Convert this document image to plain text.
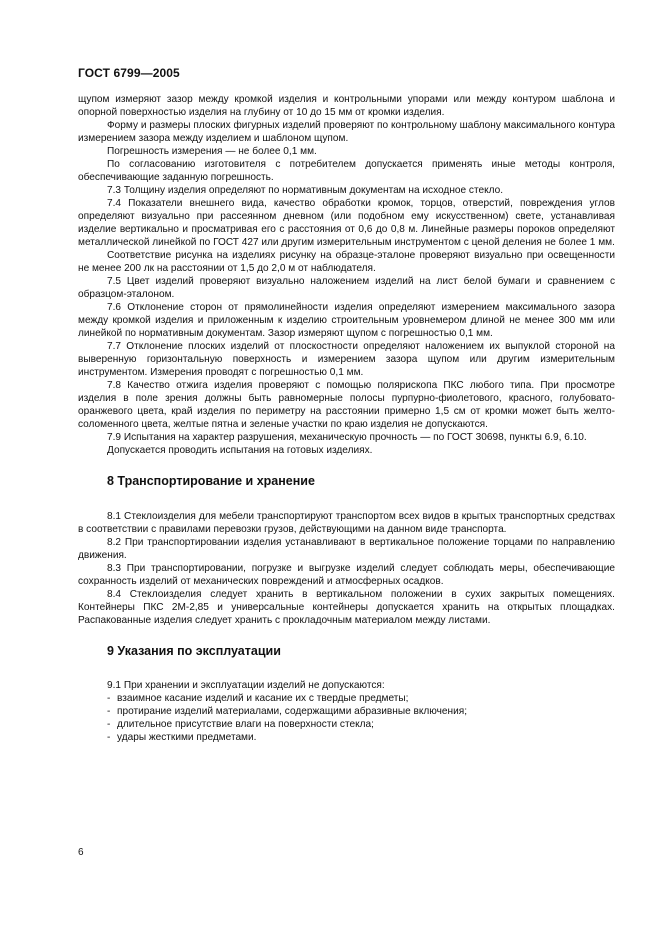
ГОСТ 6799—2005

щупом измеряют зазор между кромкой изделия и контрольными упорами или между контуром шаблона и опорной поверхностью изделия на глубину от 10 до 15 мм от кромки изделия.

Форму и размеры плоских фигурных изделий проверяют по контрольному шаблону максимального контура измерением зазора между изделием и шаблоном щупом.

Погрешность измерения — не более 0,1 мм.

По согласованию изготовителя с потребителем допускается применять иные методы контроля, обеспечивающие заданную погрешность.

7.3 Толщину изделия определяют по нормативным документам на исходное стекло.

7.4 Показатели внешнего вида, качество обработки кромок, торцов, отверстий, повреждения углов определяют визуально при рассеянном дневном (или подобном ему искусственном) свете, устанавливая изделие вертикально и просматривая его с расстояния от 0,6 до 0,8 м. Линейные размеры пороков определяют металлической линейкой по ГОСТ 427 или другим измерительным инструментом с ценой деления не более 1 мм.

Соответствие рисунка на изделиях рисунку на образце-эталоне проверяют визуально при освещенности не менее 200 лк на расстоянии от 1,5 до 2,0 м от наблюдателя.

7.5 Цвет изделий проверяют визуально наложением изделий на лист белой бумаги и сравнением с образцом-эталоном.

7.6 Отклонение сторон от прямолинейности изделия определяют измерением максимального зазора между кромкой изделия и приложенным к изделию строительным уровнемером длиной не менее 300 мм или линейкой по нормативным документам. Зазор измеряют щупом с погрешностью 0,1 мм.

7.7 Отклонение плоских изделий от плоскостности определяют наложением их выпуклой стороной на выверенную горизонтальную поверхность и измерением зазора щупом или другим измерительным инструментом. Измерения проводят с погрешностью 0,1 мм.

7.8 Качество отжига изделия проверяют с помощью полярископа ПКС любого типа. При просмотре изделия в поле зрения должны быть равномерные полосы пурпурно-фиолетового, красного, голубовато-оранжевого цвета, край изделия по периметру на расстоянии примерно 1,5 см от кромки может быть желто-соломенного цвета, желтые пятна и зеленые участки по краю изделия не допускаются.

7.9 Испытания на характер разрушения, механическую прочность — по ГОСТ 30698, пункты 6.9, 6.10.

Допускается проводить испытания на готовых изделиях.

8 Транспортирование и хранение

8.1 Стеклоизделия для мебели транспортируют транспортом всех видов в крытых транспортных средствах в соответствии с правилами перевозки грузов, действующими на данном виде транспорта.

8.2 При транспортировании изделия устанавливают в вертикальное положение торцами по направлению движения.

8.3 При транспортировании, погрузке и выгрузке изделий следует соблюдать меры, обеспечивающие сохранность изделий от механических повреждений и атмосферных осадков.

8.4 Стеклоизделия следует хранить в вертикальном положении в сухих закрытых помещениях. Контейнеры ПКС 2М-2,85 и универсальные контейнеры допускается хранить на открытых площадках. Распакованные изделия следует хранить с прокладочным материалом между листами.

9 Указания по эксплуатации

9.1 При хранении и эксплуатации изделий не допускаются:

- взаимное касание изделий и касание их с твердые предметы;

- протирание изделий материалами, содержащими абразивные включения;

- длительное присутствие влаги на поверхности стекла;

- удары жесткими предметами.

6
